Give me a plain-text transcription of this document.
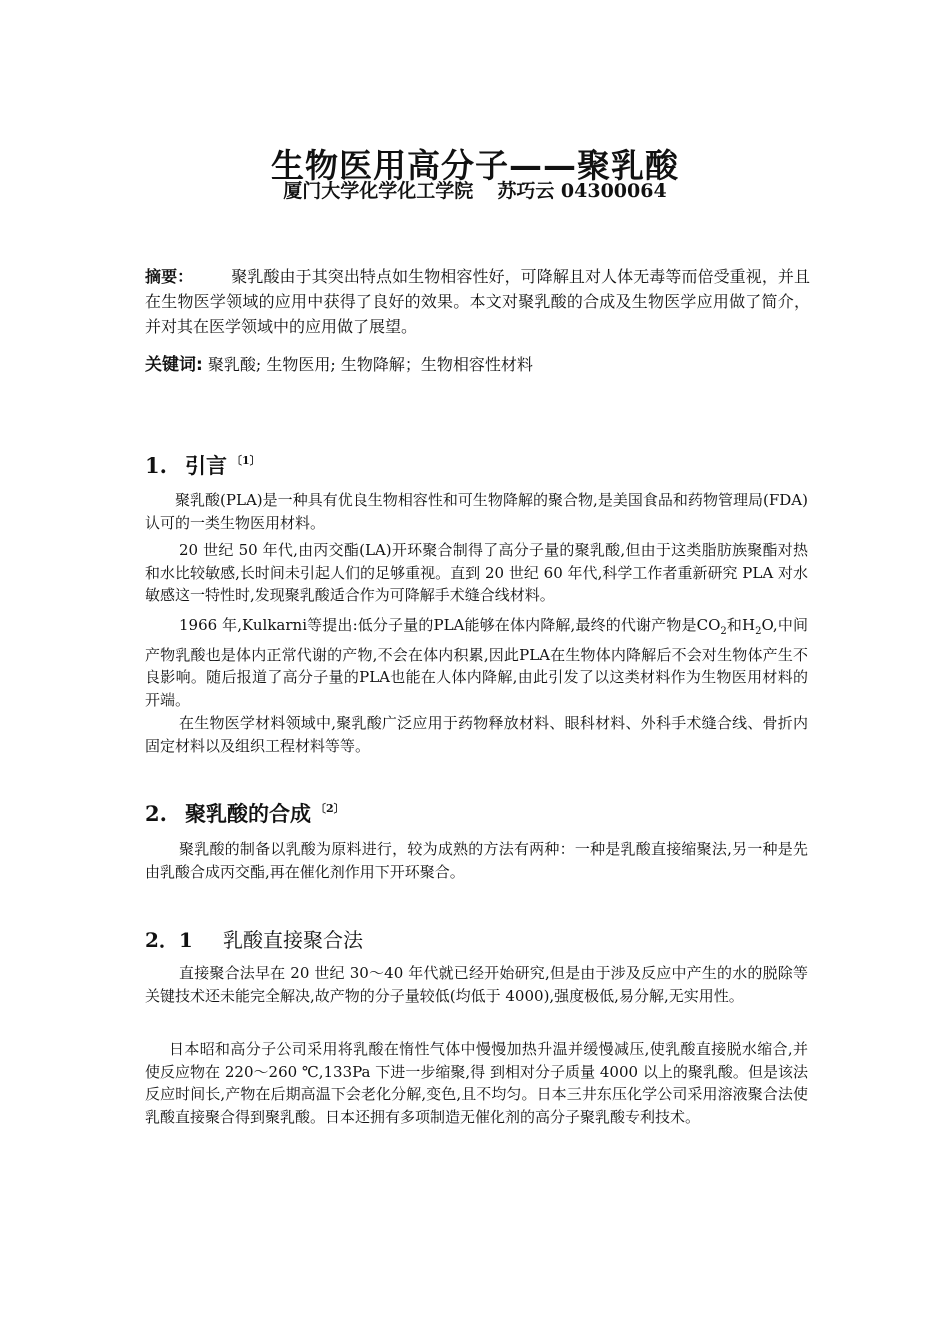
生物医用高分子——聚乳酸
厦门大学化学化工学院 苏巧云 04300064

摘要： 聚乳酸由于其突出特点如生物相容性好，可降解且对人体无毒等而倍受重视，并且在生物医学领域的应用中获得了良好的效果。本文对聚乳酸的合成及生物医学应用做了简介，并对其在医学领域中的应用做了展望。

关键词: 聚乳酸; 生物医用; 生物降解；生物相容性材料

1. 引言 $^{〔1〕}$

聚乳酸(PLA)是一种具有优良生物相容性和可生物降解的聚合物,是美国食品和药物管理局(FDA)认可的一类生物医用材料。

20 世纪 50 年代,由丙交酯(LA)开环聚合制得了高分子量的聚乳酸,但由于这类脂肪族聚酯对热和水比较敏感,长时间未引起人们的足够重视。直到 20 世纪 60 年代,科学工作者重新研究 PLA 对水敏感这一特性时,发现聚乳酸适合作为可降解手术缝合线材料。

1966 年,Kulkarni等提出:低分子量的PLA能够在体内降解,最终的代谢产物是$CO_2$和$H_2O$,中间产物乳酸也是体内正常代谢的产物,不会在体内积累,因此PLA在生物体内降解后不会对生物体产生不良影响。随后报道了高分子量的PLA也能在人体内降解,由此引发了以这类材料作为生物医用材料的开端。

在生物医学材料领域中,聚乳酸广泛应用于药物释放材料、眼科材料、外科手术缝合线、骨折内固定材料以及组织工程材料等等。

2. 聚乳酸的合成 $^{〔2〕}$

聚乳酸的制备以乳酸为原料进行，较为成熟的方法有两种：一种是乳酸直接缩聚法,另一种是先由乳酸合成丙交酯,再在催化剂作用下开环聚合。

2．1 乳酸直接聚合法

直接聚合法早在 20 世纪 30～40 年代就已经开始研究,但是由于涉及反应中产生的水的脱除等关键技术还未能完全解决,故产物的分子量较低(均低于 4000),强度极低,易分解,无实用性。

日本昭和高分子公司采用将乳酸在惰性气体中慢慢加热升温并缓慢减压,使乳酸直接脱水缩合,并使反应物在 220～260 ℃,133Pa 下进一步缩聚,得 到相对分子质量 4000 以上的聚乳酸。但是该法反应时间长,产物在后期高温下会老化分解,变色,且不均匀。日本三井东压化学公司采用溶液聚合法使乳酸直接聚合得到聚乳酸。日本还拥有多项制造无催化剂的高分子聚乳酸专利技术。
